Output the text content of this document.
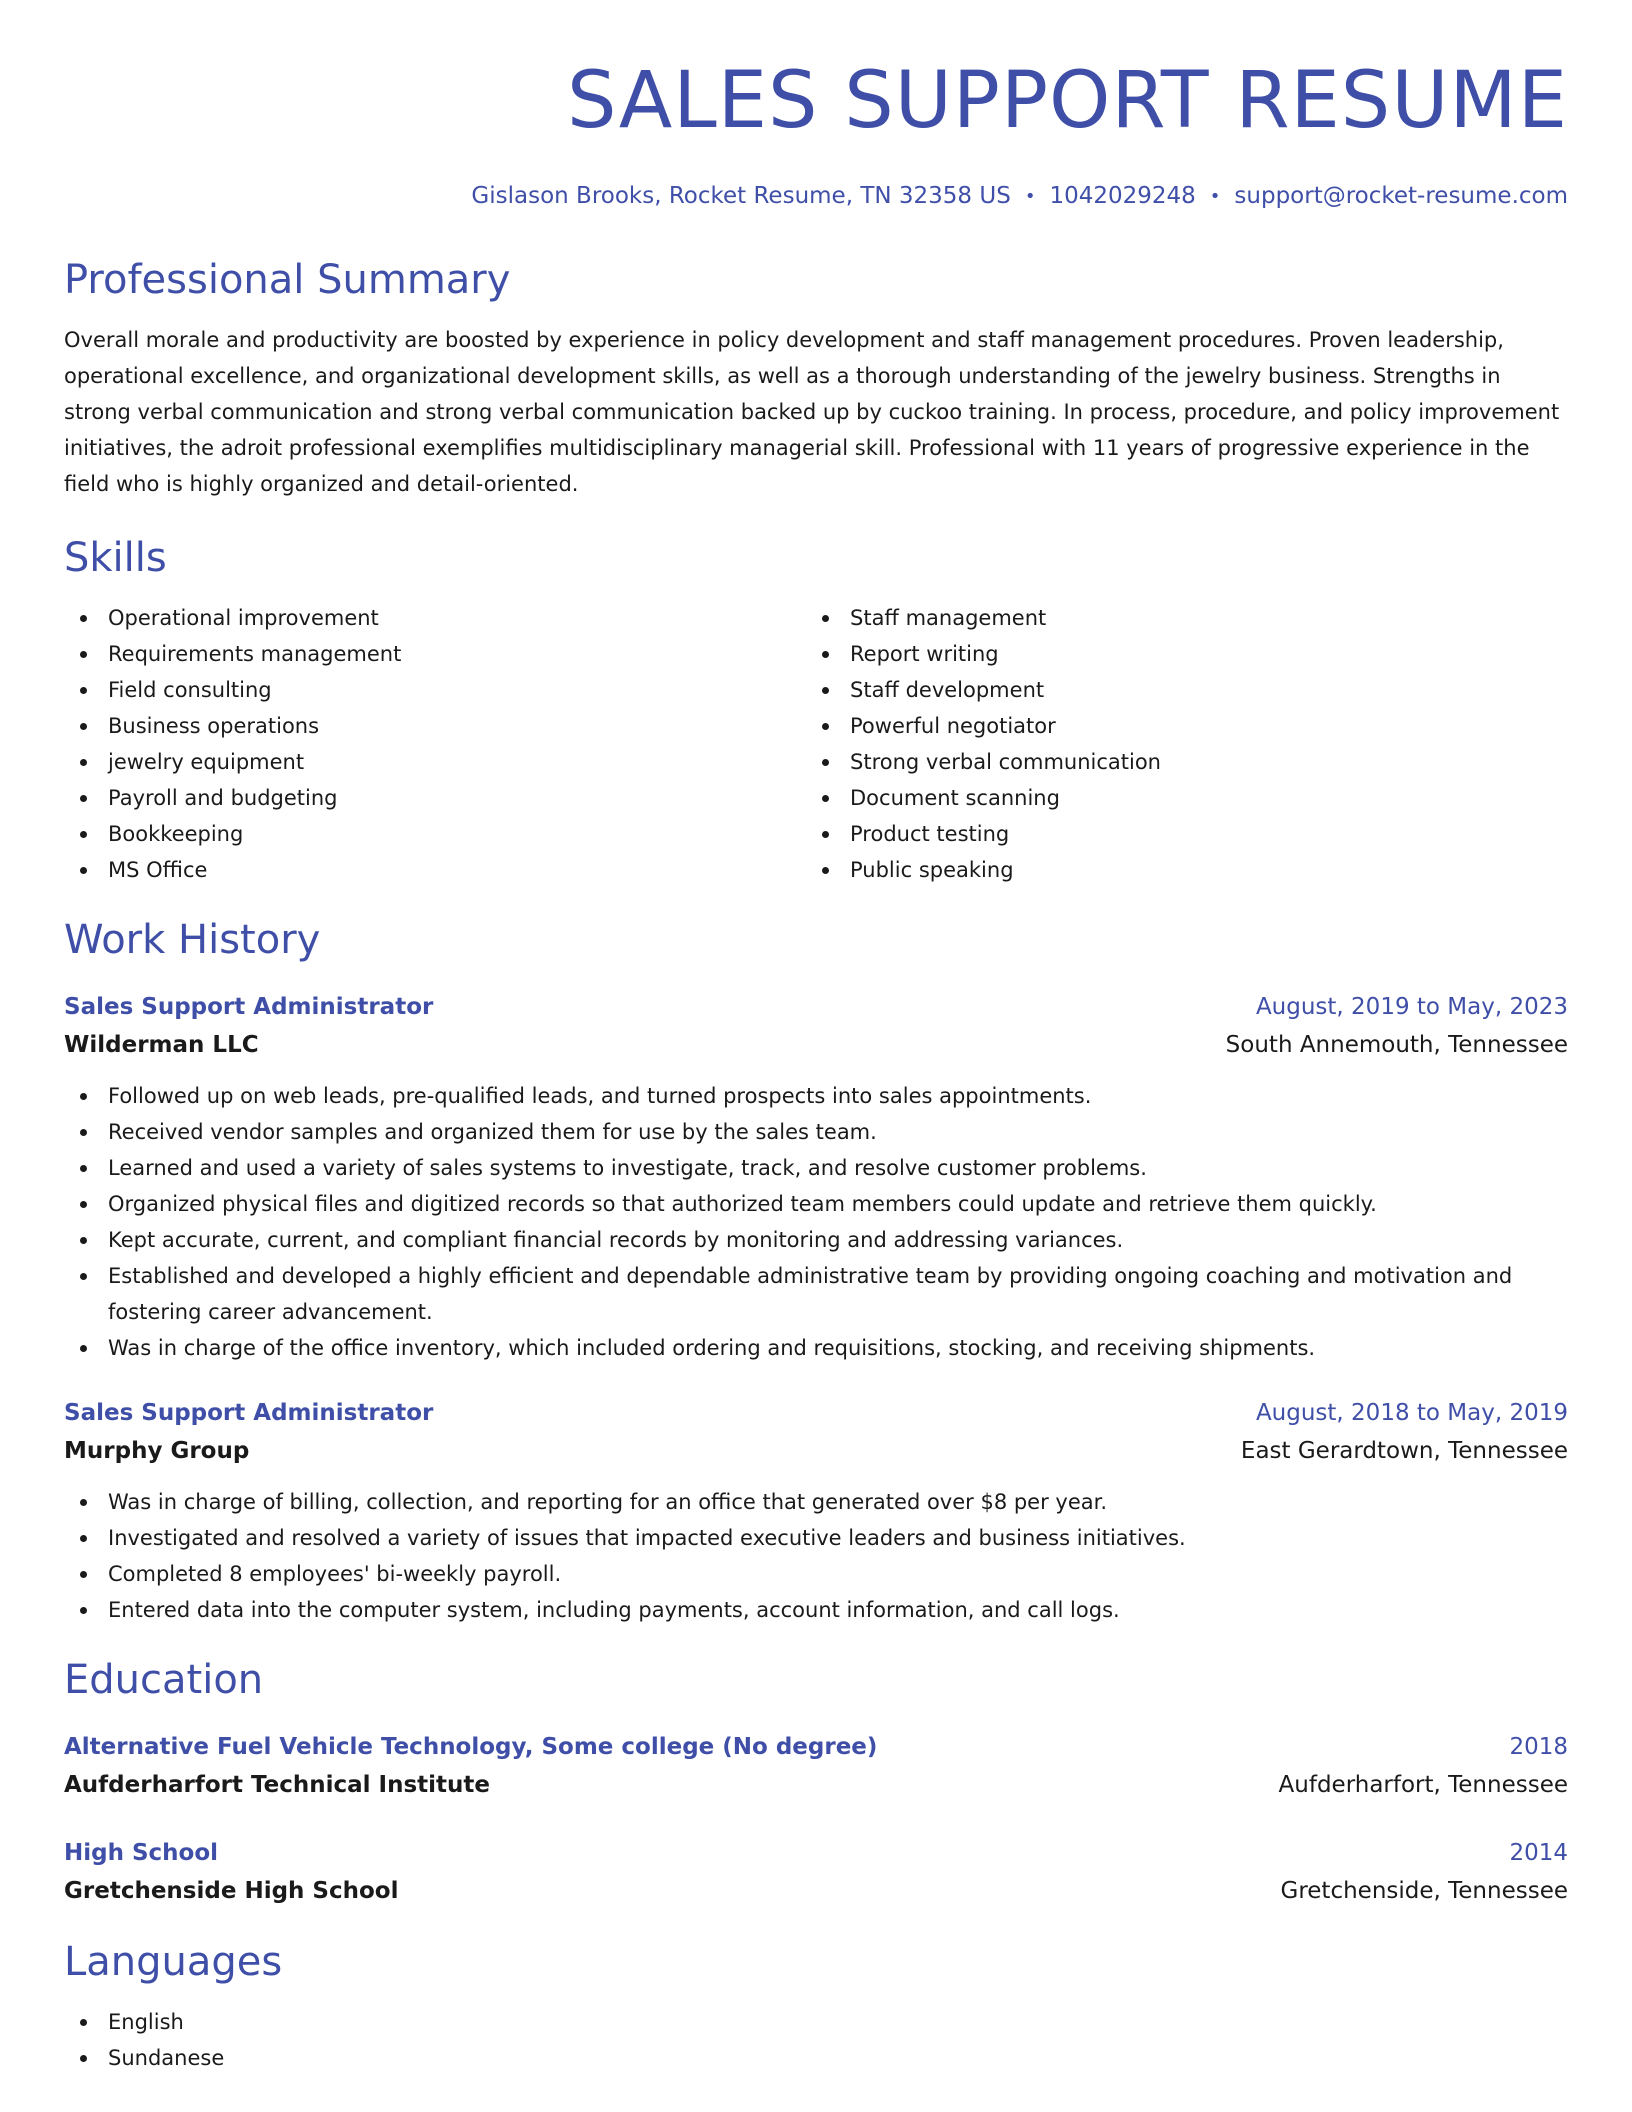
SALES SUPPORT RESUME
Gislason Brooks, Rocket Resume, TN 32358 US • 1042029248 • support@rocket-resume.com
Professional Summary

Overall morale and productivity are boosted by experience in policy development and staff management procedures. Proven leadership, operational excellence, and organizational development skills, as well as a thorough understanding of the jewelry business. Strengths in strong verbal communication and strong verbal communication backed up by cuckoo training. In process, procedure, and policy improvement initiatives, the adroit professional exemplifies multidisciplinary managerial skill. Professional with 11 years of progressive experience in the field who is highly organized and detail-oriented.

Skills
Operational improvement
Requirements management
Field consulting
Business operations
jewelry equipment
Payroll and budgeting
Bookkeeping
MS Office
Staff management
Report writing
Staff development
Powerful negotiator
Strong verbal communication
Document scanning
Product testing
Public speaking
Work History
Sales Support Administrator	August, 2019 to May, 2023
Wilderman LLC	South Annemouth, Tennessee
Followed up on web leads, pre-qualified leads, and turned prospects into sales appointments.
Received vendor samples and organized them for use by the sales team.
Learned and used a variety of sales systems to investigate, track, and resolve customer problems.
Organized physical files and digitized records so that authorized team members could update and retrieve them quickly.
Kept accurate, current, and compliant financial records by monitoring and addressing variances.
Established and developed a highly efficient and dependable administrative team by providing ongoing coaching and motivation and fostering career advancement.
Was in charge of the office inventory, which included ordering and requisitions, stocking, and receiving shipments.
Sales Support Administrator	August, 2018 to May, 2019
Murphy Group	East Gerardtown, Tennessee
Was in charge of billing, collection, and reporting for an office that generated over $8 per year.
Investigated and resolved a variety of issues that impacted executive leaders and business initiatives.
Completed 8 employees' bi-weekly payroll.
Entered data into the computer system, including payments, account information, and call logs.
Education
Alternative Fuel Vehicle Technology, Some college (No degree)	2018
Aufderharfort Technical Institute	Aufderharfort, Tennessee
High School	2014
Gretchenside High School	Gretchenside, Tennessee
Languages
English
Sundanese
